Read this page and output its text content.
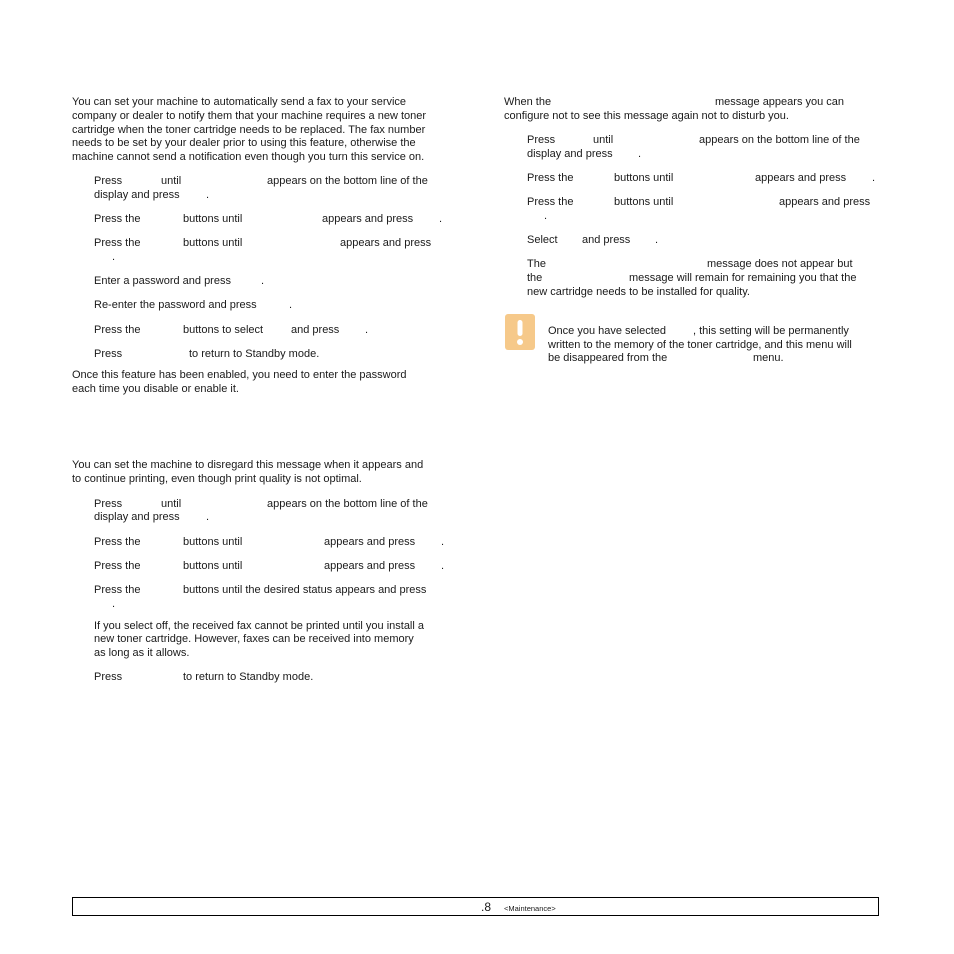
You can set your machine to automatically send a fax to your service

company or dealer to notify them that your machine requires a new toner

cartridge when the toner cartridge needs to be replaced. The fax number

needs to be set by your dealer prior to using this feature, otherwise the

machine cannot send a notification even though you turn this service on.

Press	until	appears on the bottom line of the

display and press .

Press the	buttons until	appears and press .

Press the	buttons until	appears and press

.

Enter a password and press	.

Re-enter the password and press	.

Press the	buttons to select	and press .

Press	to return to Standby mode.

Once this feature has been enabled, you need to enter the password

each time you disable or enable it.

You can set the machine to disregard this message when it appears and

to continue printing, even though print quality is not optimal.

Press	until	appears on the bottom line of the

display and press .

Press the	buttons until	appears and press .

Press the	buttons until	appears and press .

Press the	buttons until the desired status appears and press

.

If you select off, the received fax cannot be printed until you install a

new toner cartridge. However, faxes can be received into memory

as long as it allows.

Press	to return to Standby mode.

When the	message appears you can

configure not to see this message again not to disturb you.

Press	until	appears on the bottom line of the

display and press .

Press the	buttons until	appears and press .

Press the	buttons until	appears and press

.

Select and press .

The	message does not appear but

the	message will remain for remaining you that the

new cartridge needs to be installed for quality.

Once you have selected , this setting will be permanently

written to the memory of the toner cartridge, and this menu will

be disappeared from the	menu.

.8 <Maintenance>
